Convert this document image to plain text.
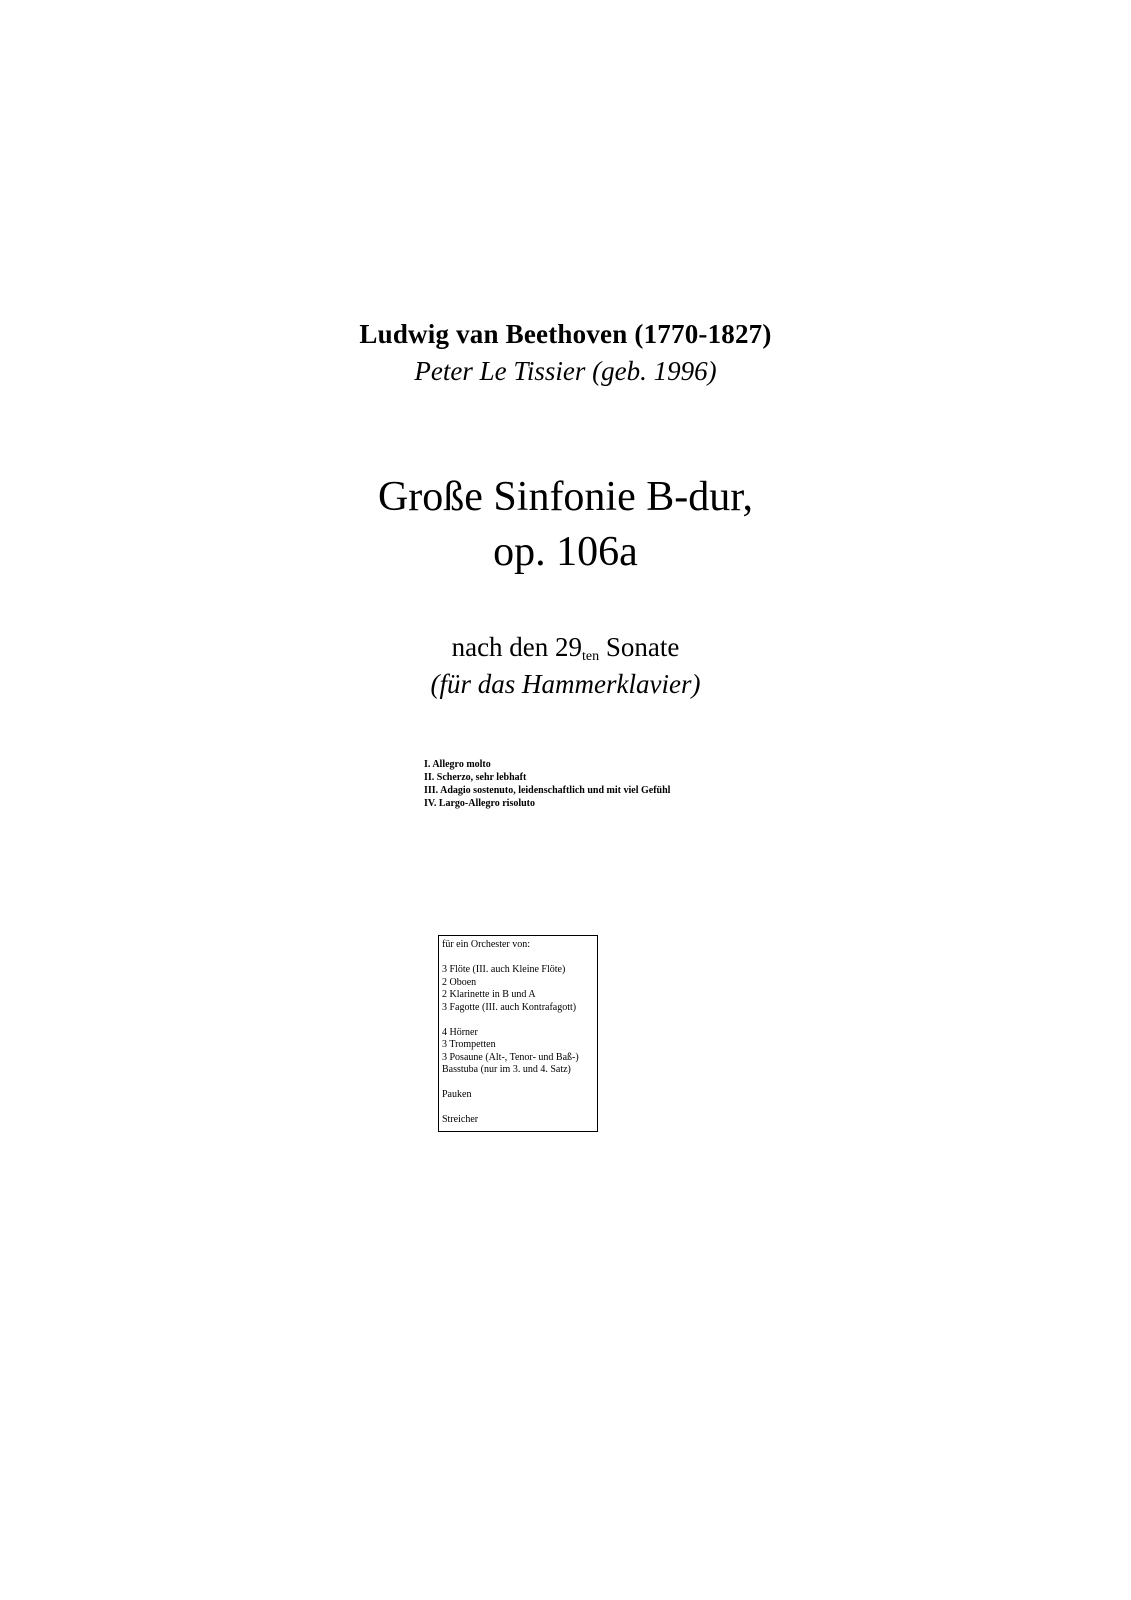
Ludwig van Beethoven (1770-1827)
Peter Le Tissier (geb. 1996)
Große Sinfonie B-dur,
op. 106a
nach den $29_{ten}$ Sonate
(für das Hammerklavier)
I. Allegro molto
II. Scherzo, sehr lebhaft
III. Adagio sostenuto, leidenschaftlich und mit viel Gefühl
IV. Largo-Allegro risoluto
für ein Orchester von:
3 Flöte (III. auch Kleine Flöte)
2 Oboen
2 Klarinette in B und A
3 Fagotte (III. auch Kontrafagott)
4 Hörner
3 Trompetten
3 Posaune (Alt-, Tenor- und Baß-)
Basstuba (nur im 3. und 4. Satz)
Pauken
Streicher
